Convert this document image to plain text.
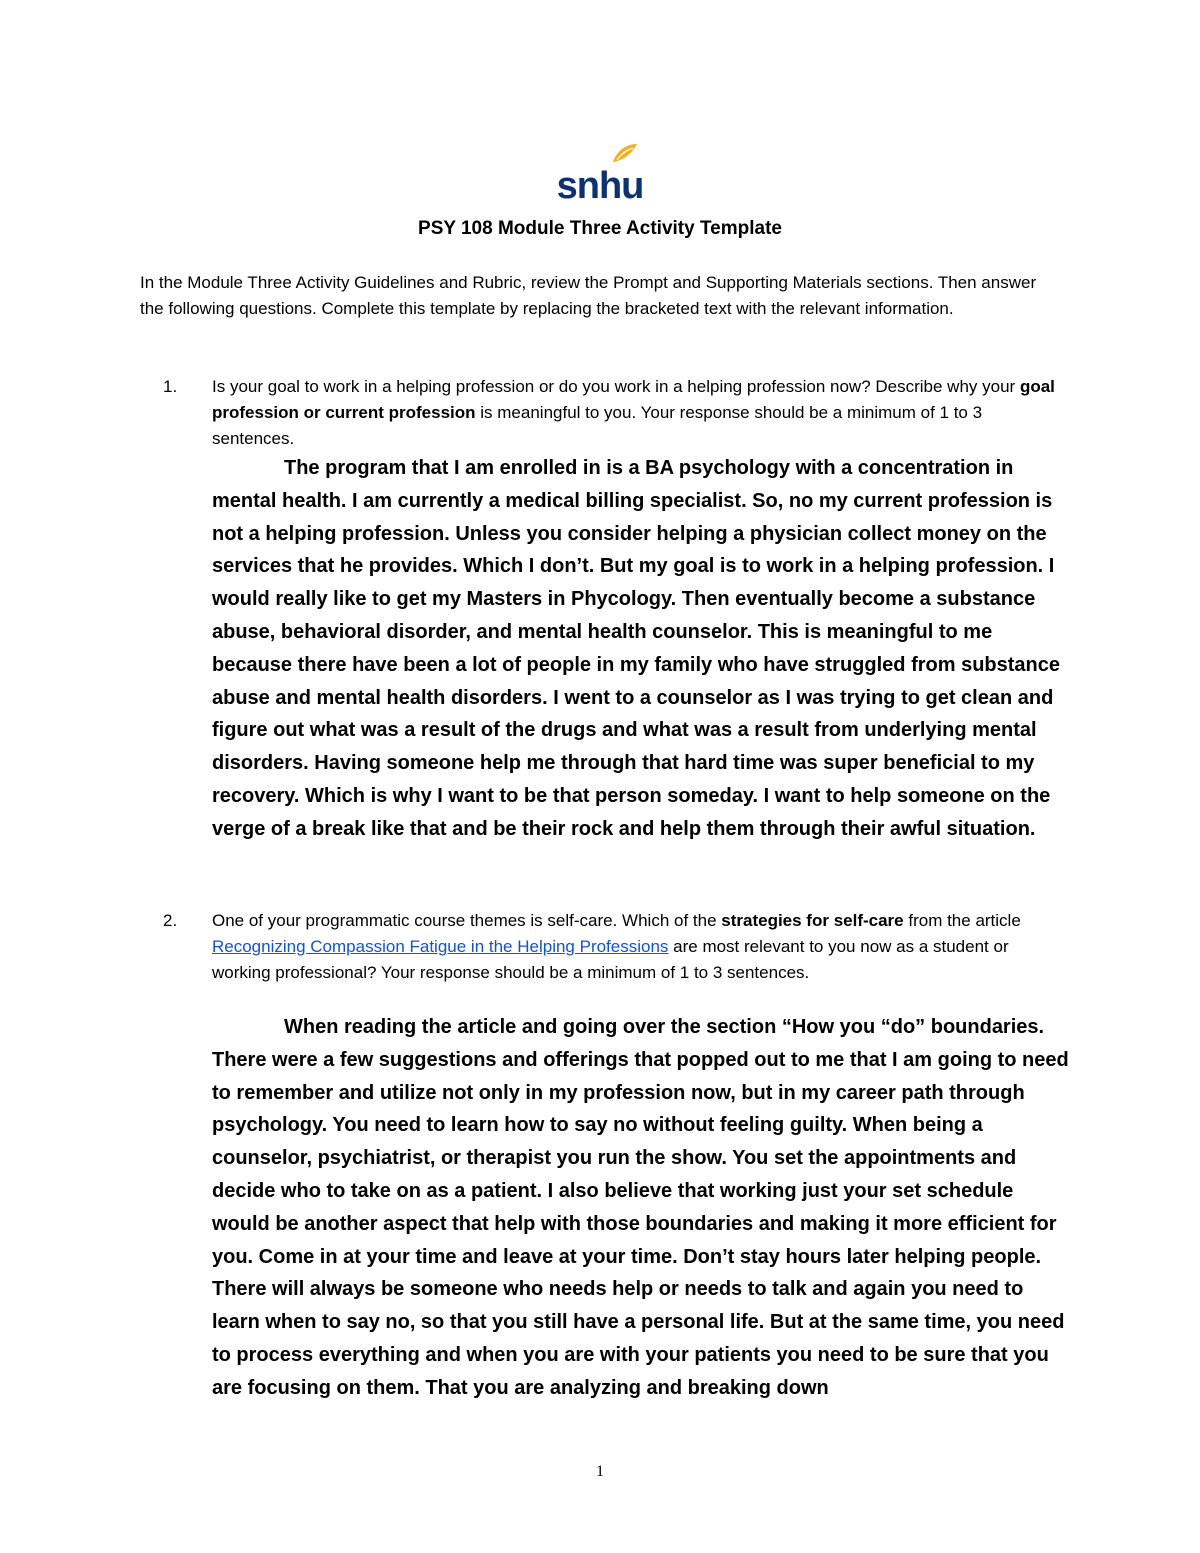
snhu
PSY 108 Module Three Activity Template
In the Module Three Activity Guidelines and Rubric, review the Prompt and Supporting Materials sections. Then answer the following questions. Complete this template by replacing the bracketed text with the relevant information.
1. Is your goal to work in a helping profession or do you work in a helping profession now? Describe why your goal profession or current profession is meaningful to you. Your response should be a minimum of 1 to 3 sentences.
The program that I am enrolled in is a BA psychology with a concentration in mental health. I am currently a medical billing specialist. So, no my current profession is not a helping profession. Unless you consider helping a physician collect money on the services that he provides. Which I don’t. But my goal is to work in a helping profession. I would really like to get my Masters in Phycology. Then eventually become a substance abuse, behavioral disorder, and mental health counselor. This is meaningful to me because there have been a lot of people in my family who have struggled from substance abuse and mental health disorders. I went to a counselor as I was trying to get clean and figure out what was a result of the drugs and what was a result from underlying mental disorders. Having someone help me through that hard time was super beneficial to my recovery. Which is why I want to be that person someday. I want to help someone on the verge of a break like that and be their rock and help them through their awful situation.
2. One of your programmatic course themes is self-care. Which of the strategies for self-care from the article Recognizing Compassion Fatigue in the Helping Professions are most relevant to you now as a student or working professional? Your response should be a minimum of 1 to 3 sentences.
When reading the article and going over the section “How you “do” boundaries. There were a few suggestions and offerings that popped out to me that I am going to need to remember and utilize not only in my profession now, but in my career path through psychology. You need to learn how to say no without feeling guilty. When being a counselor, psychiatrist, or therapist you run the show. You set the appointments and decide who to take on as a patient. I also believe that working just your set schedule would be another aspect that help with those boundaries and making it more efficient for you. Come in at your time and leave at your time. Don’t stay hours later helping people. There will always be someone who needs help or needs to talk and again you need to learn when to say no, so that you still have a personal life. But at the same time, you need to process everything and when you are with your patients you need to be sure that you are focusing on them. That you are analyzing and breaking down
1
